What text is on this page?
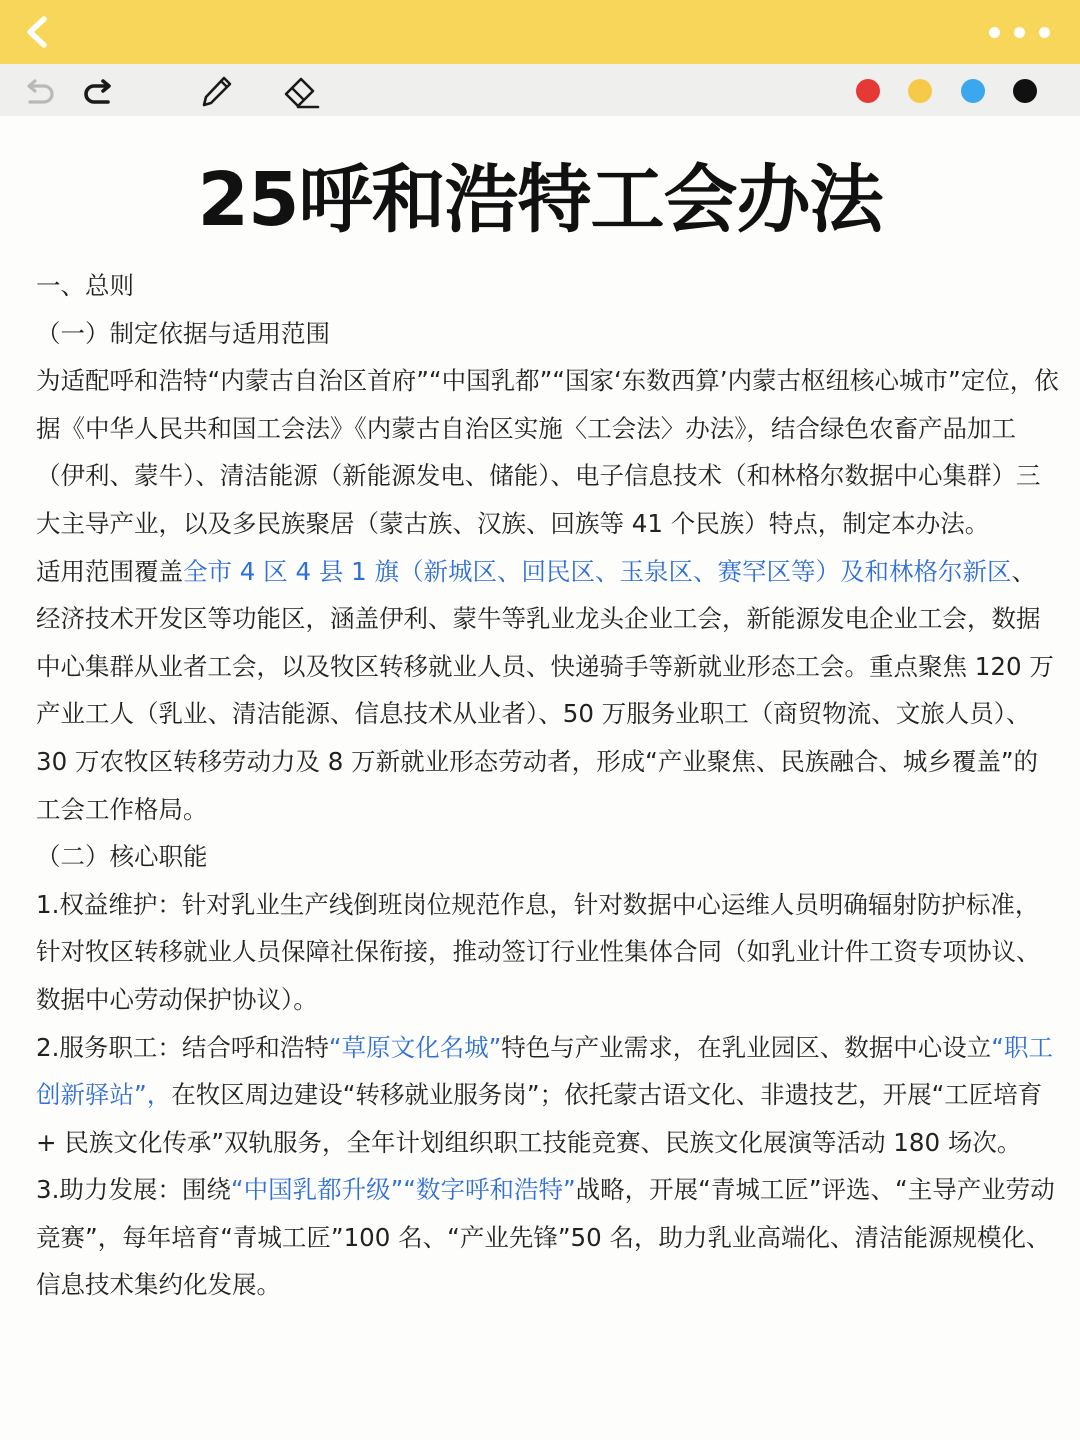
25呼和浩特工会办法

一、总则

（一）制定依据与适用范围

为适配呼和浩特“内蒙古自治区首府”“中国乳都”“国家‘东数西算’内蒙古枢纽核心城市”定位，依据《中华人民共和国工会法》《内蒙古自治区实施〈工会法〉办法》，结合绿色农畜产品加工（伊利、蒙牛）、清洁能源（新能源发电、储能）、电子信息技术（和林格尔数据中心集群）三大主导产业，以及多民族聚居（蒙古族、汉族、回族等 41 个民族）特点，制定本办法。

适用范围覆盖全市 4 区 4 县 1 旗（新城区、回民区、玉泉区、赛罕区等）及和林格尔新区、经济技术开发区等功能区，涵盖伊利、蒙牛等乳业龙头企业工会，新能源发电企业工会，数据中心集群从业者工会，以及牧区转移就业人员、快递骑手等新就业形态工会。重点聚焦 120 万产业工人（乳业、清洁能源、信息技术从业者）、50 万服务业职工（商贸物流、文旅人员）、30 万农牧区转移劳动力及 8 万新就业形态劳动者，形成“产业聚焦、民族融合、城乡覆盖”的工会工作格局。

（二）核心职能

1.权益维护：针对乳业生产线倒班岗位规范作息，针对数据中心运维人员明确辐射防护标准，针对牧区转移就业人员保障社保衔接，推动签订行业性集体合同（如乳业计件工资专项协议、数据中心劳动保护协议）。

2.服务职工：结合呼和浩特“草原文化名城”特色与产业需求，在乳业园区、数据中心设立“职工创新驿站”，在牧区周边建设“转移就业服务岗”；依托蒙古语文化、非遗技艺，开展“工匠培育 + 民族文化传承”双轨服务，全年计划组织职工技能竞赛、民族文化展演等活动 180 场次。

3.助力发展：围绕“中国乳都升级”“数字呼和浩特”战略，开展“青城工匠”评选、“主导产业劳动竞赛”，每年培育“青城工匠”100 名、“产业先锋”50 名，助力乳业高端化、清洁能源规模化、信息技术集约化发展。
